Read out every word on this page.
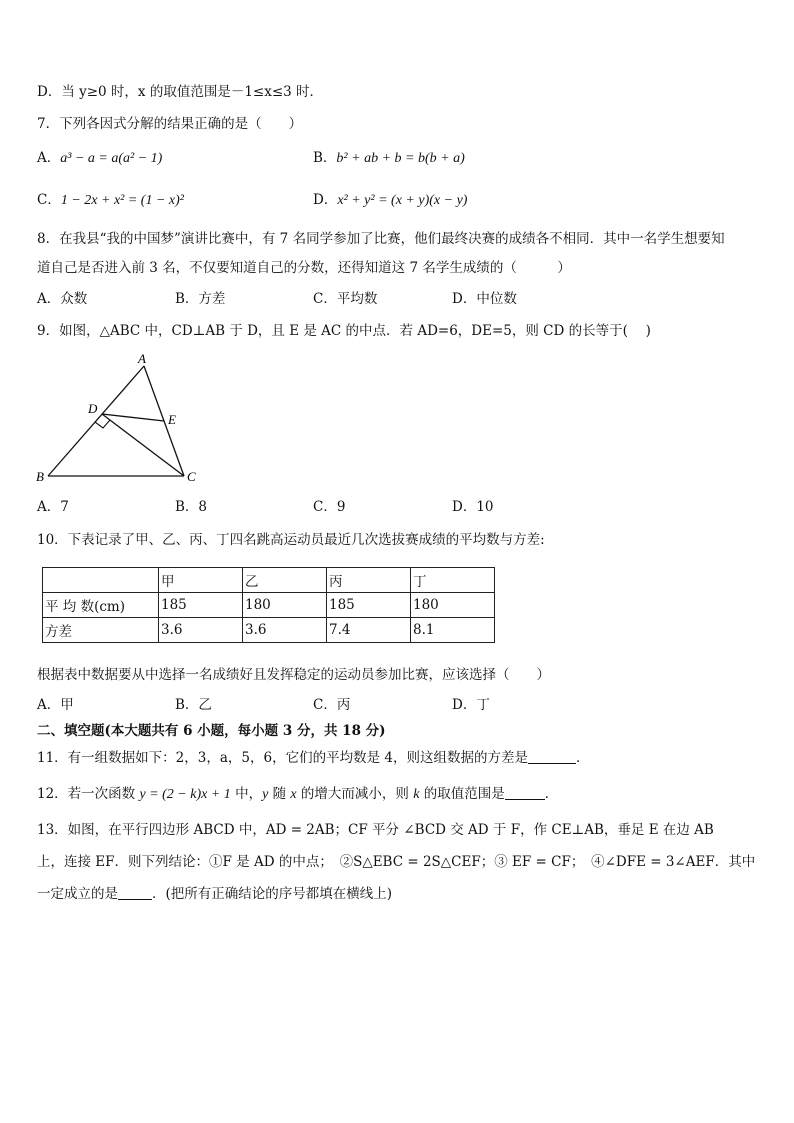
D．当 y≥0 时，x 的取值范围是－1≤x≤3 时．
7．下列各因式分解的结果正确的是（　　）
A．a³ − a = a(a² − 1)	B．b² + ab + b = b(b + a)
C．1 − 2x + x² = (1 − x)²	D．x² + y² = (x + y)(x − y)
8．在我县“我的中国梦”演讲比赛中，有 7 名同学参加了比赛，他们最终决赛的成绩各不相同．其中一名学生想要知
道自己是否进入前 3 名，不仅要知道自己的分数，还得知道这 7 名学生成绩的（　　　）
A．众数	B．方差	C．平均数	D．中位数
9．如图，△ABC 中，CD⊥AB 于 D，且 E 是 AC 的中点．若 AD=6，DE=5，则 CD 的长等于(　 )
A
D
E
B	C
A．7	B．8	C．9	D．10
10．下表记录了甲、乙、丙、丁四名跳高运动员最近几次选拔赛成绩的平均数与方差:
	甲	乙	丙	丁
平 均 数(cm)	185	180	185	180
方差	3.6	3.6	7.4	8.1
根据表中数据要从中选择一名成绩好且发挥稳定的运动员参加比赛，应该选择（　　）
A．甲	B．乙	C．丙	D．丁
二、填空题(本大题共有 6 小题，每小题 3 分，共 18 分)
11．有一组数据如下：2，3，a，5，6，它们的平均数是 4，则这组数据的方差是	．
12．若一次函数 y = (2 − k)x + 1 中，y 随 x 的增大而减小，则 k 的取值范围是	．
13．如图，在平行四边形 ABCD 中，AD = 2AB；CF 平分 ∠BCD 交 AD 于 F，作 CE⊥AB，垂足 E 在边 AB
上，连接 EF．则下列结论：①F 是 AD 的中点；　②S△EBC = 2S△CEF；③ EF = CF；　④∠DFE = 3∠AEF．其中
一定成立的是	．(把所有正确结论的序号都填在横线上)
